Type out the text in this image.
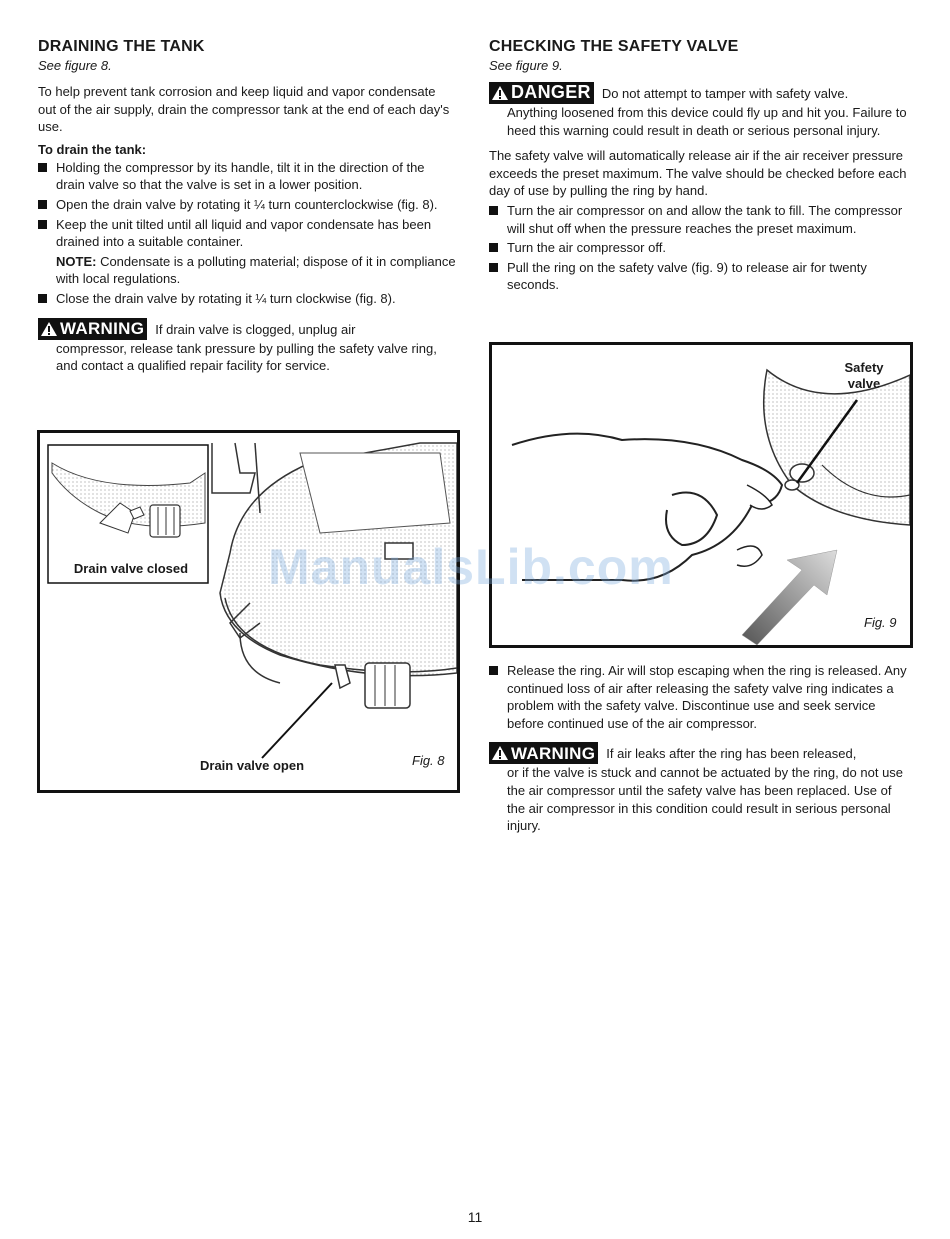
DRAINING THE TANK
See figure 8.

To help prevent tank corrosion and keep liquid and vapor condensate out of the air supply, drain the compressor tank at the end of each day's use.

To drain the tank:
Holding the compressor by its handle, tilt it in the direction of the drain valve so that the valve is set in a lower position.
Open the drain valve by rotating it ¼ turn counterclockwise (fig. 8).
Keep the unit tilted until all liquid and vapor condensate has been drained into a suitable container.
NOTE: Condensate is a polluting material; dispose of it in compliance with local regulations.
Close the drain valve by rotating it ¼ turn clockwise (fig. 8).
WARNING If drain valve is clogged, unplug air
compressor, release tank pressure by pulling the safety valve ring, and contact a qualified repair facility for service.
Drain valve closed
Drain valve open	Fig. 8
CHECKING THE SAFETY VALVE
See figure 9.
DANGER Do not attempt to tamper with safety valve.
Anything loosened from this device could fly up and hit you. Failure to heed this warning could result in death or serious personal injury.

The safety valve will automatically release air if the air receiver pressure exceeds the preset maximum. The valve should be checked before each day of use by pulling the ring by hand.

Turn the air compressor on and allow the tank to fill. The compressor will shut off when the pressure reaches the preset maximum.
Turn the air compressor off.
Pull the ring on the safety valve (fig. 9) to release air for twenty seconds.
Safety
valve
Fig. 9
Release the ring. Air will stop escaping when the ring is released. Any continued loss of air after releasing the safety valve ring indicates a problem with the safety valve. Discontinue use and seek service before continued use of the air compressor.
WARNING If air leaks after the ring has been released,
or if the valve is stuck and cannot be actuated by the ring, do not use the air compressor until the safety valve has been replaced. Use of the air compressor in this condition could result in serious personal injury.
ManualsLib.com
11
